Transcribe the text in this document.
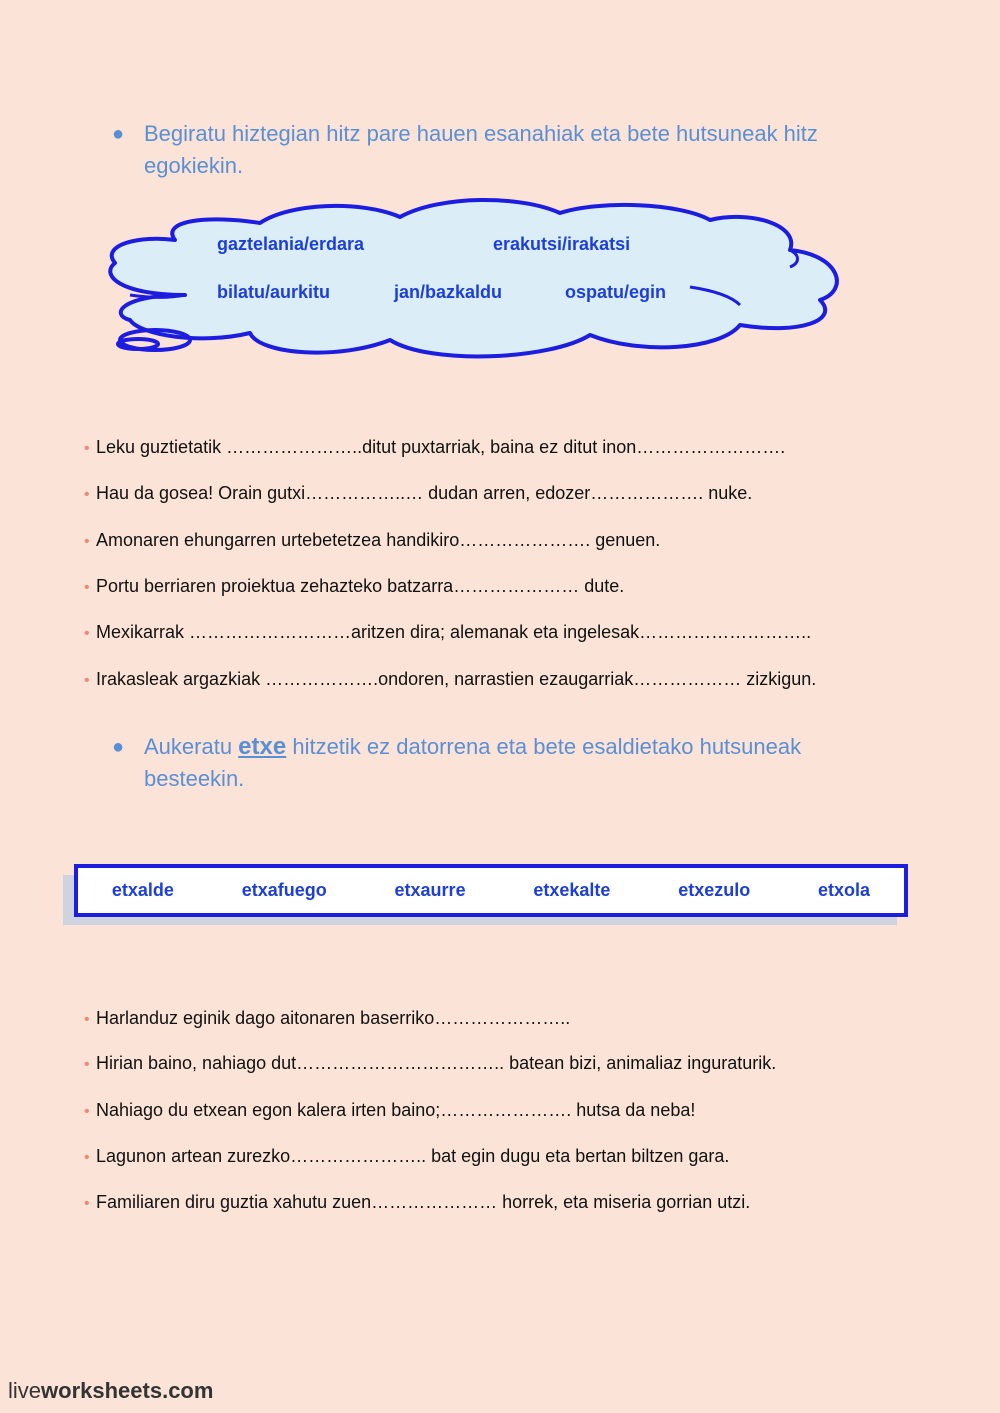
● Begiratu hiztegian hitz pare hauen esanahiak eta bete hutsuneak hitz egokiekin.
gaztelania/erdara	erakutsi/irakatsi
bilatu/aurkitu	jan/bazkaldu	ospatu/egin
• Leku guztietatik …………………..ditut puxtarriak, baina ez ditut inon…………………….
• Hau da gosea! Orain gutxi……………..… dudan arren, edozer………………. nuke.
• Amonaren ehungarren urtebetetzea handikiro…………………. genuen.
• Portu berriaren proiektua zehazteko batzarra………………… dute.
• Mexikarrak ………………………aritzen dira; alemanak eta ingelesak………………………..
• Irakasleak argazkiak ……………….ondoren, narrastien ezaugarriak……………… zizkigun.
● Aukeratu etxe hitzetik ez datorrena eta bete esaldietako hutsuneak besteekin.
etxalde	etxafuego	etxaurre	etxekalte	etxezulo	etxola
• Harlanduz eginik dago aitonaren baserriko…………………..
• Hirian baino, nahiago dut…………………………….. batean bizi, animaliaz inguraturik.
• Nahiago du etxean egon kalera irten baino;…………………. hutsa da neba!
• Lagunon artean zurezko………………….. bat egin dugu eta bertan biltzen gara.
• Familiaren diru guztia xahutu zuen………………… horrek, eta miseria gorrian utzi.
liveworksheets.com
